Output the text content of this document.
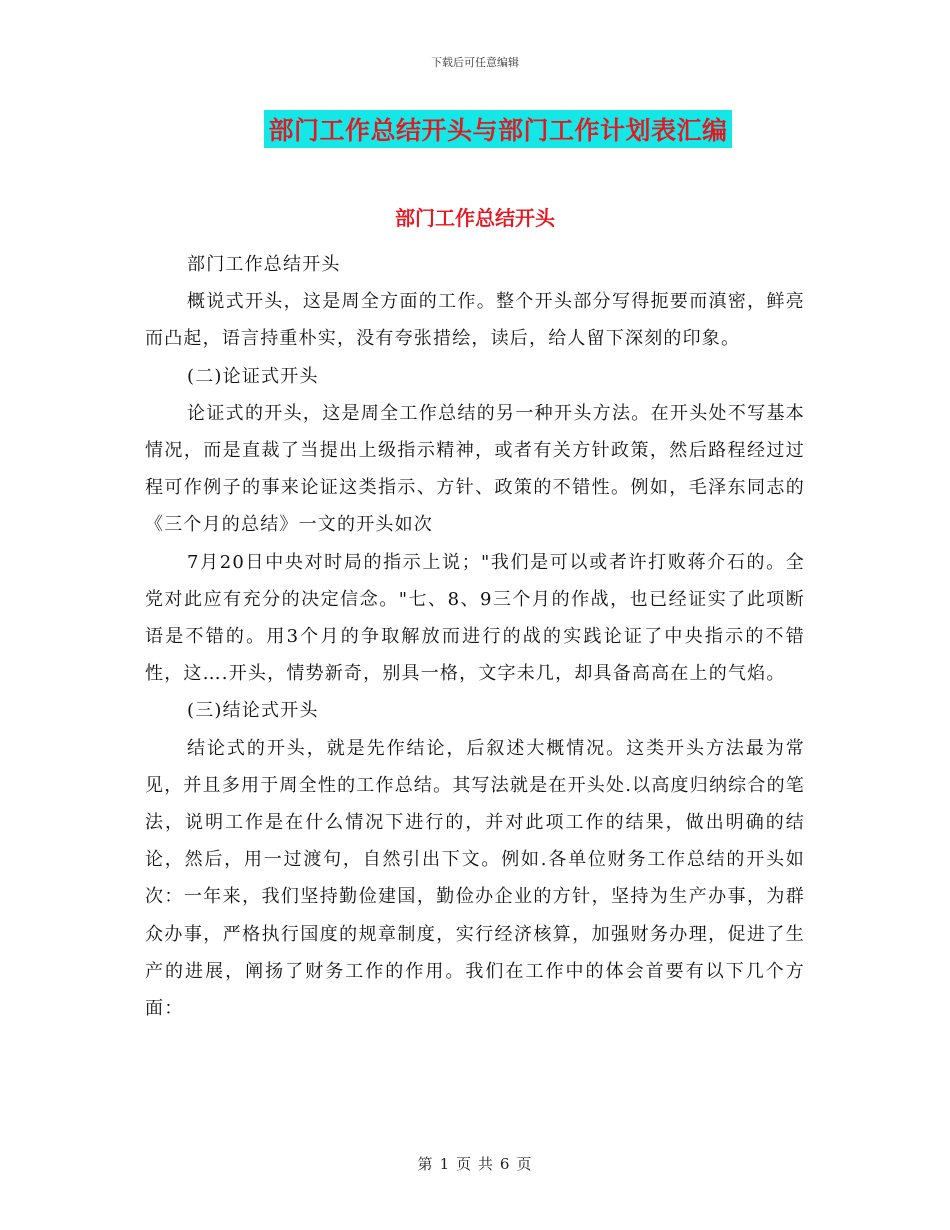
下载后可任意编辑
部门工作总结开头与部门工作计划表汇编
部门工作总结开头

部门工作总结开头

概说式开头，这是周全方面的工作。整个开头部分写得扼要而滇密，鲜亮而凸起，语言持重朴实，没有夸张措绘，读后，给人留下深刻的印象。

(二)论证式开头

论证式的开头，这是周全工作总结的另一种开头方法。在开头处不写基本情况，而是直裁了当提出上级指示精神，或者有关方针政策，然后路程经过过程可作例子的事来论证这类指示、方针、政策的不错性。例如，毛泽东同志的《三个月的总结》一文的开头如次

7月20日中央对时局的指示上说；"我们是可以或者许打败蒋介石的。全党对此应有充分的决定信念。"七、8、9三个月的作战，也已经证实了此项断语是不错的。用3个月的争取解放而进行的战的实践论证了中央指示的不错性，这….开头，情势新奇，别具一格，文字未几，却具备高高在上的气焰。

(三)结论式开头

结论式的开头，就是先作结论，后叙述大概情况。这类开头方法最为常见，并且多用于周全性的工作总结。其写法就是在开头处.以高度归纳综合的笔法，说明工作是在什么情况下进行的，并对此项工作的结果，做出明确的结论，然后，用一过渡句，自然引出下文。例如.各单位财务工作总结的开头如次：一年来，我们坚持勤俭建国，勤俭办企业的方针，坚持为生产办事，为群众办事，严格执行国度的规章制度，实行经济核算，加强财务办理，促进了生产的进展，阐扬了财务工作的作用。我们在工作中的体会首要有以下几个方面：

第 1 页 共 6 页
